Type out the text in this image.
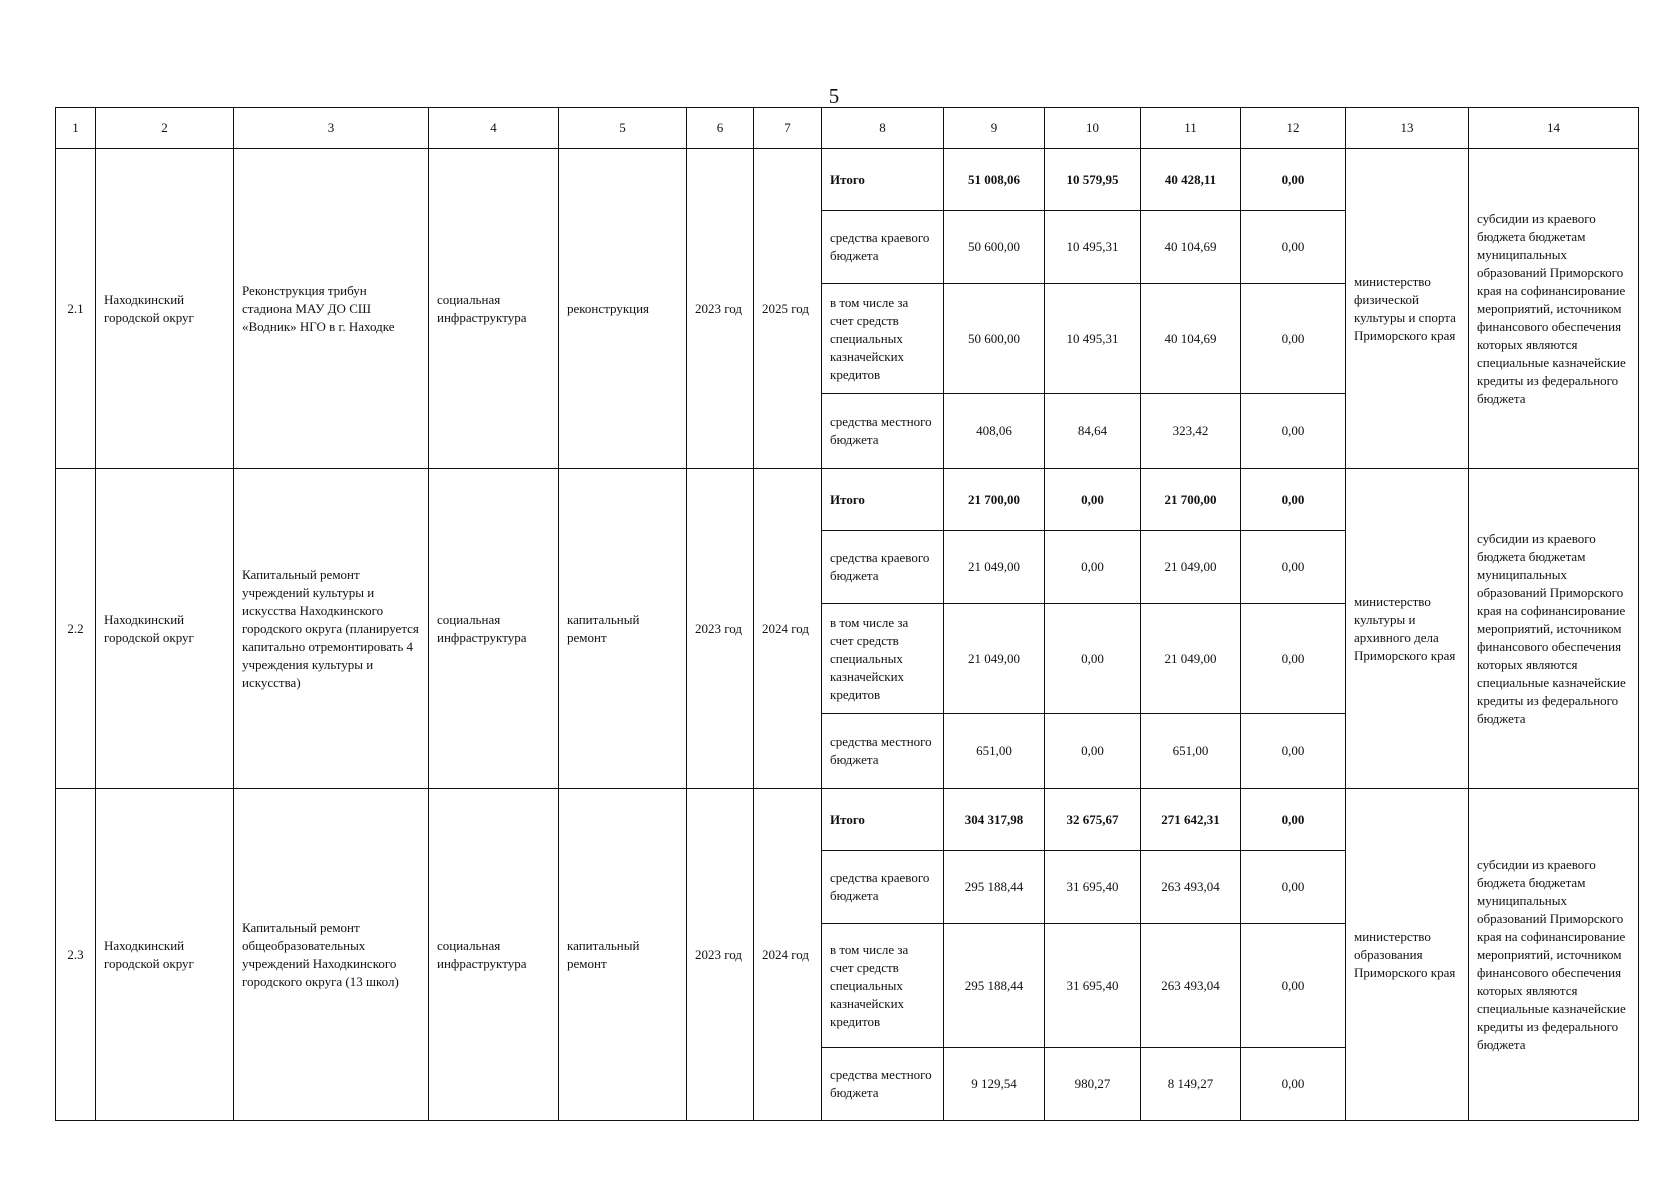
5
1	2	3	4	5	6	7	8	9	10	11	12	13	14
2.1	Находкинский городской округ	Реконструкция трибун стадиона МАУ ДО СШ «Водник» НГО в г. Находке	социальная инфраструктура	реконструкция	2023 год	2025 год	Итого	51 008,06	10 579,95	40 428,11	0,00	министерство физической культуры и спорта Приморского края	субсидии из краевого бюджета бюджетам муниципальных образований Приморского края на софинансирование мероприятий, источником финансового обеспечения которых являются специальные казначейские кредиты из федерального бюджета
							средства краевого бюджета	50 600,00	10 495,31	40 104,69	0,00		
							в том числе за счет средств специальных казначейских кредитов	50 600,00	10 495,31	40 104,69	0,00		
							средства местного бюджета	408,06	84,64	323,42	0,00		
2.2	Находкинский городской округ	Капитальный ремонт учреждений культуры и искусства Находкинского городского округа (планируется капитально отремонтировать 4 учреждения культуры и искусства)	социальная инфраструктура	капитальный ремонт	2023 год	2024 год	Итого	21 700,00	0,00	21 700,00	0,00	министерство культуры и архивного дела Приморского края	субсидии из краевого бюджета бюджетам муниципальных образований Приморского края на софинансирование мероприятий, источником финансового обеспечения которых являются специальные казначейские кредиты из федерального бюджета
							средства краевого бюджета	21 049,00	0,00	21 049,00	0,00		
							в том числе за счет средств специальных казначейских кредитов	21 049,00	0,00	21 049,00	0,00		
							средства местного бюджета	651,00	0,00	651,00	0,00		
2.3	Находкинский городской округ	Капитальный ремонт общеобразовательных учреждений Находкинского городского округа (13 школ)	социальная инфраструктура	капитальный ремонт	2023 год	2024 год	Итого	304 317,98	32 675,67	271 642,31	0,00	министерство образования Приморского края	субсидии из краевого бюджета бюджетам муниципальных образований Приморского края на софинансирование мероприятий, источником финансового обеспечения которых являются специальные казначейские кредиты из федерального бюджета
							средства краевого бюджета	295 188,44	31 695,40	263 493,04	0,00		
							в том числе за счет средств специальных казначейских кредитов	295 188,44	31 695,40	263 493,04	0,00		
							средства местного бюджета	9 129,54	980,27	8 149,27	0,00		
